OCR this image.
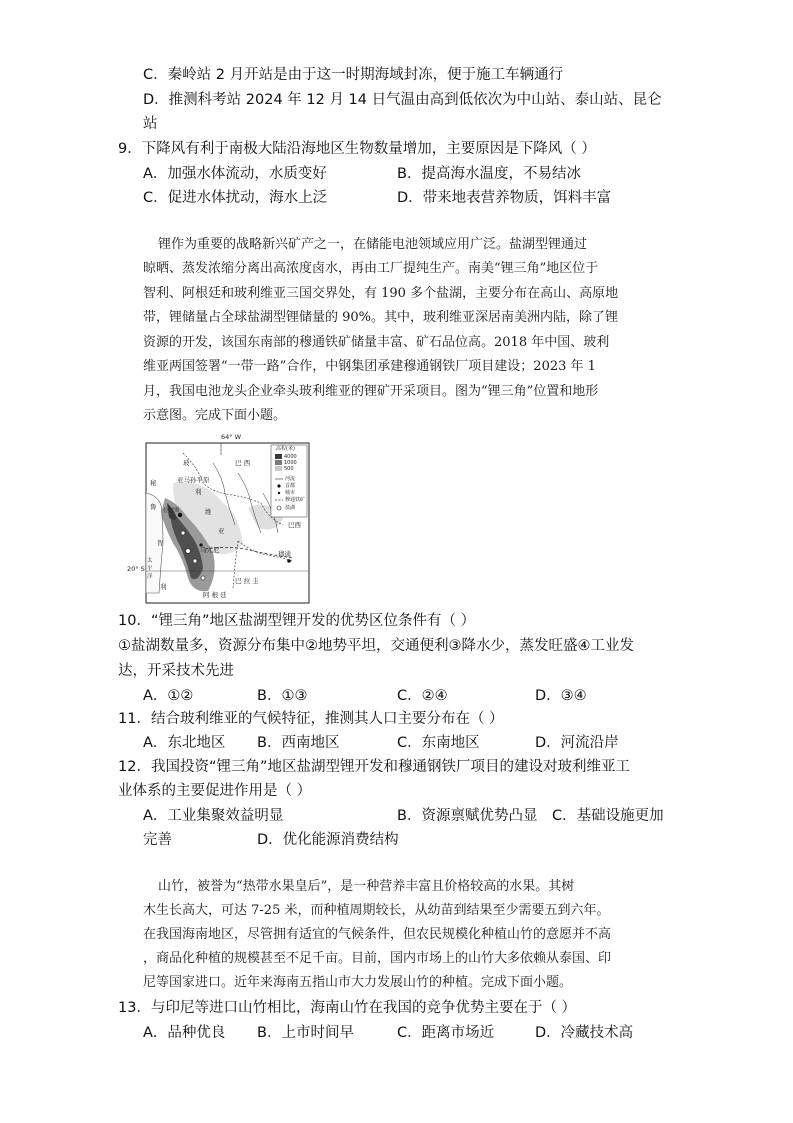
C．秦岭站 2 月开站是由于这一时期海域封冻，便于施工车辆通行
D．推测科考站 2024 年 12 月 14 日气温由高到低依次为中山站、泰山站、昆仑
站
9．下降风有利于南极大陆沿海地区生物数量增加，主要原因是下降风（ ）
A．加强水体流动，水质变好	B．提高海水温度，不易结冰
C．促进水体扰动，海水上泛	D．带来地表营养物质，饵料丰富
锂作为重要的战略新兴矿产之一，在储能电池领域应用广泛。盐湖型锂通过
晾晒、蒸发浓缩分离出高浓度卤水，再由工厂提纯生产。南美“锂三角”地区位于
智利、阿根廷和玻利维亚三国交界处，有 190 多个盐湖，主要分布在高山、高原地
带，锂储量占全球盐湖型锂储量的 90%。其中，玻利维亚深居南美洲内陆，除了锂
资源的开发，该国东南部的穆通铁矿储量丰富、矿石品位高。2018 年中国、玻利
维亚两国签署“一带一路”合作，中钢集团承建穆通钢铁厂项目建设；2023 年 1
月，我国电池龙头企业牵头玻利维亚的锂矿开采项目。图为“锂三角”位置和地形
示意图。完成下面小题。
64° W
20° S
高程(米)
4000
1000
500
河流
首都
城市
穆通铁矿
盐湖
玻
利
维
亚
亚马孙平原
巴 西
巴西
秘
鲁
智
利
太平洋	巴 拉 圭
阿 根 廷
乌尤尼	穆通
拉巴斯
10．“锂三角”地区盐湖型锂开发的优势区位条件有（ ）
①盐湖数量多，资源分布集中②地势平坦，交通便利③降水少，蒸发旺盛④工业发
达，开采技术先进
A．①②	B．①③	C．②④	D．③④
11．结合玻利维亚的气候特征，推测其人口主要分布在（ ）
A．东北地区 B．西南地区	C．东南地区	D．河流沿岸
12．我国投资“锂三角”地区盐湖型锂开发和穆通钢铁厂项目的建设对玻利维亚工
业体系的主要促进作用是（ ）
A．工业集聚效益明显	B．资源禀赋优势凸显 C．基础设施更加
完善	D．优化能源消费结构
山竹，被誉为“热带水果皇后”，是一种营养丰富且价格较高的水果。其树
木生长高大，可达 7-25 米，而种植周期较长，从幼苗到结果至少需要五到六年。
在我国海南地区，尽管拥有适宜的气候条件，但农民规模化种植山竹的意愿并不高
，商品化种植的规模甚至不足千亩。目前，国内市场上的山竹大多依赖从泰国、印
尼等国家进口。近年来海南五指山市大力发展山竹的种植。完成下面小题。
13．与印尼等进口山竹相比，海南山竹在我国的竞争优势主要在于（ ）
A．品种优良 B．上市时间早	C．距离市场近	D．冷藏技术高
